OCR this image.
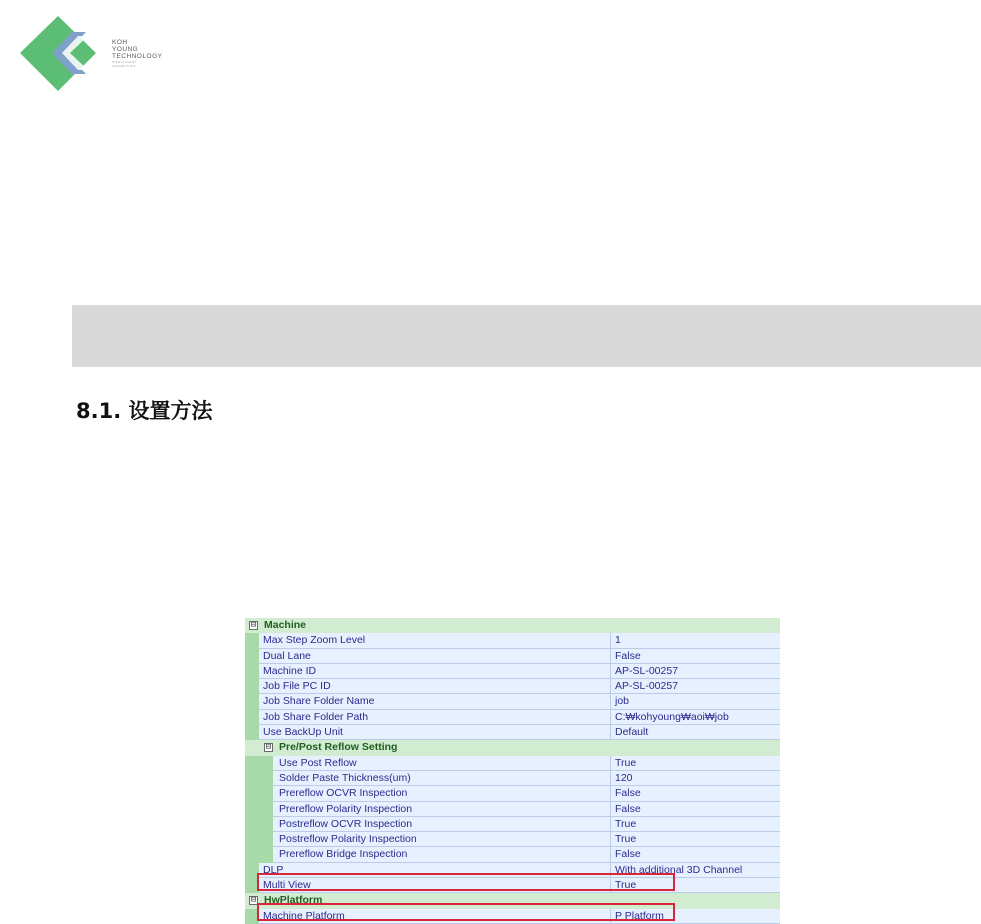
KOH
YOUNG
TECHNOLOGY
INTELLIGENT
INSPECTION
8.1. 设置方法
⊟ Machine
Max Step Zoom Level	1
Dual Lane	False
Machine ID	AP-SL-00257
Job File PC ID	AP-SL-00257
Job Share Folder Name	job
Job Share Folder Path	C:₩kohyoung₩aoi₩job
Use BackUp Unit	Default
⊟ Pre/Post Reflow Setting
Use Post Reflow	True
Solder Paste Thickness(um)	120
Prereflow OCVR Inspection	False
Prereflow Polarity Inspection	False
Postreflow OCVR Inspection	True
Postreflow Polarity Inspection	True
Prereflow Bridge Inspection	False
DLP	With additional 3D Channel
Multi View	True
⊟ HwPlatform
Machine Platform	P Platform
